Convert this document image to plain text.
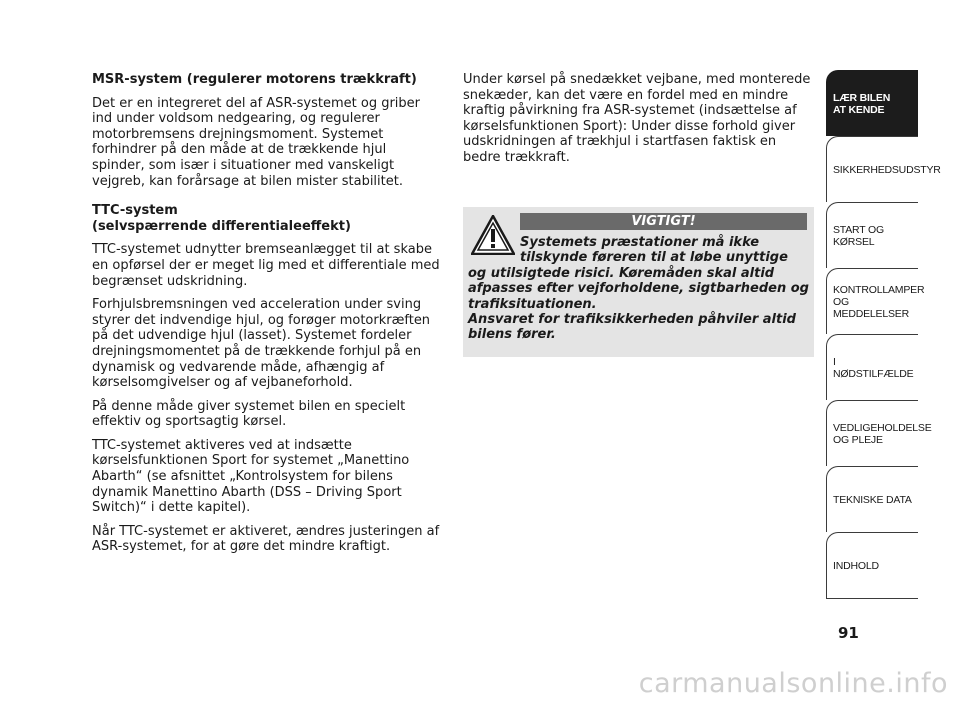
MSR-system (regulerer motorens trækkraft)

Det er en integreret del af ASR-systemet og griber ind under voldsom nedgearing, og regulerer motorbremsens drejningsmoment. Systemet forhindrer på den måde at de trækkende hjul spinder, som især i situationer med vanskeligt vejgreb, kan forårsage at bilen mister stabilitet.

TTC-system
(selvspærrende differentialeeffekt)

TTC-systemet udnytter bremseanlægget til at skabe en opførsel der er meget lig med et differentiale med begrænset udskridning.

Forhjulsbremsningen ved acceleration under sving styrer det indvendige hjul, og forøger motorkræften på det udvendige hjul (lasset). Systemet fordeler drejningsmomentet på de trækkende forhjul på en dynamisk og vedvarende måde, afhængig af kørselsomgivelser og af vejbaneforhold.

På denne måde giver systemet bilen en specielt effektiv og sportsagtig kørsel.

TTC-systemet aktiveres ved at indsætte kørselsfunktionen Sport for systemet „Manettino Abarth“ (se afsnittet „Kontrolsystem for bilens dynamik Manettino Abarth (DSS – Driving Sport Switch)“ i dette kapitel).

Når TTC-systemet er aktiveret, ændres justeringen af ASR-systemet, for at gøre det mindre kraftigt.

Under kørsel på snedækket vejbane, med monterede snekæder, kan det være en fordel med en mindre kraftig påvirkning fra ASR-systemet (indsættelse af kørselsfunktionen Sport): Under disse forhold giver udskridningen af trækhjul i startfasen faktisk en bedre trækkraft.

VIGTIGT!
Systemets præstationer må ikke
tilskynde føreren til at løbe unyttige
og utilsigtede risici. Køremåden skal altid afpasses efter vejforholdene, sigtbarheden og trafiksituationen.
Ansvaret for trafiksikkerheden påhviler altid bilens fører.
LÆR BILEN
AT KENDE
SIKKERHEDSUDSTYR
START OG KØRSEL
KONTROLLAMPER
OG MEDDELELSER
I NØDSTILFÆLDE
VEDLIGEHOLDELSE
OG PLEJE
TEKNISKE DATA
INDHOLD
91
carmanualsonline.info
